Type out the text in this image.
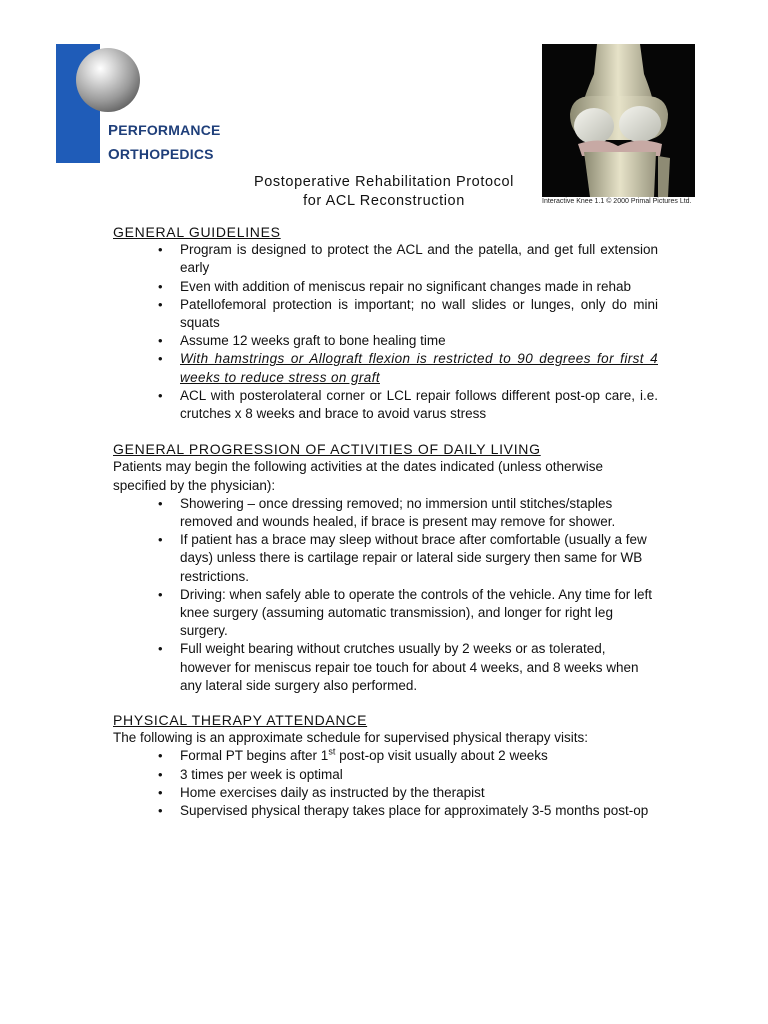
PERFORMANCE
ORTHOPEDICS
Interactive Knee 1.1 © 2000 Primal Pictures Ltd.
Postoperative Rehabilitation Protocol
for ACL Reconstruction

GENERAL GUIDELINES

• Program is designed to protect the ACL and the patella, and get full extension early
• Even with addition of meniscus repair no significant changes made in rehab
• Patellofemoral protection is important; no wall slides or lunges, only do mini squats
• Assume 12 weeks graft to bone healing time
• With hamstrings or Allograft flexion is restricted to 90 degrees for first 4 weeks to reduce stress on graft
• ACL with posterolateral corner or LCL repair follows different post-op care, i.e. crutches x 8 weeks and brace to avoid varus stress

GENERAL PROGRESSION OF ACTIVITIES OF DAILY LIVING

Patients may begin the following activities at the dates indicated (unless otherwise specified by the physician):

• Showering – once dressing removed; no immersion until stitches/staples removed and wounds healed, if brace is present may remove for shower.
• If patient has a brace may sleep without brace after comfortable (usually a few days) unless there is cartilage repair or lateral side surgery then same for WB restrictions.
• Driving: when safely able to operate the controls of the vehicle. Any time for left knee surgery (assuming automatic transmission), and longer for right leg surgery.
• Full weight bearing without crutches usually by 2 weeks or as tolerated, however for meniscus repair toe touch for about 4 weeks, and 8 weeks when any lateral side surgery also performed.

PHYSICAL THERAPY ATTENDANCE

The following is an approximate schedule for supervised physical therapy visits:

• Formal PT begins after 1st post-op visit usually about 2 weeks
• 3 times per week is optimal
• Home exercises daily as instructed by the therapist
• Supervised physical therapy takes place for approximately 3-5 months post-op
